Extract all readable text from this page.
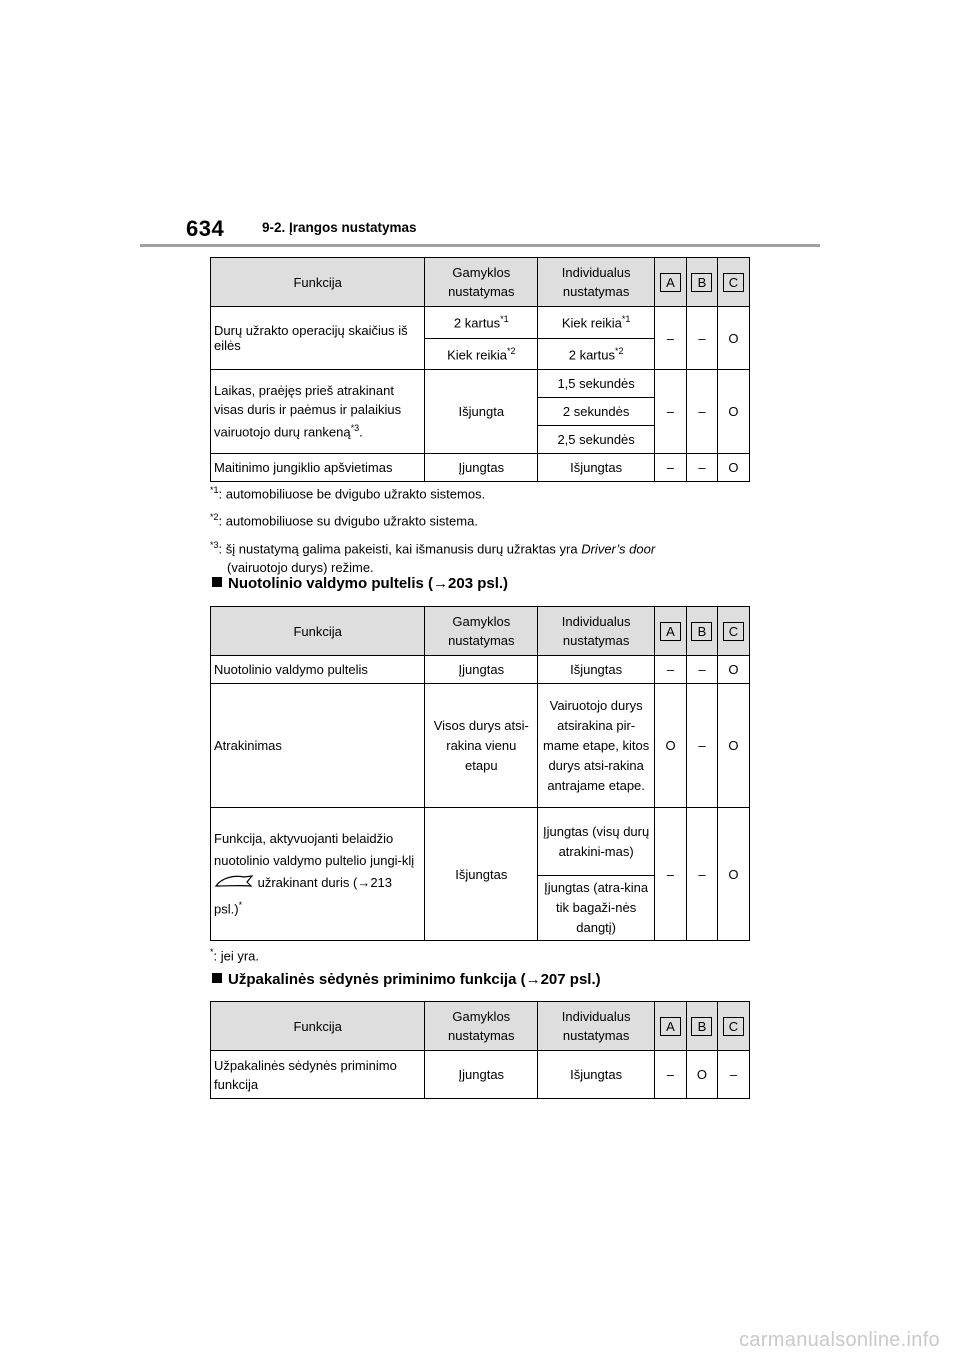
634	9-2. Įrangos nustatymas
Funkcija	Gamyklos nustatymas	Individualus nustatymas	A	B	C
Durų užrakto operacijų skaičius iš eilės	2 kartus$^{*1}$	Kiek reikia$^{*1}$	–	–	O
	Kiek reikia$^{*2}$	2 kartus$^{*2}$
Laikas, praėjęs prieš atrakinant visas duris ir paėmus ir palaikius vairuotojo durų rankeną$^{*3}$.	Išjungta	1,5 sekundės	–	–	O
		2 sekundės			
		2,5 sekundės			
Maitinimo jungiklio apšvietimas	Įjungtas	Išjungtas	–	–	O
$^{*1}$: automobiliuose be dvigubo užrakto sistemos.
$^{*2}$: automobiliuose su dvigubo užrakto sistema.
$^{*3}$: šį nustatymą galima pakeisti, kai išmanusis durų užraktas yra Driver’s door
(vairuotojo durys) režime.
Nuotolinio valdymo pultelis (→203 psl.)
Funkcija	Gamyklos nustatymas	Individualus nustatymas	A	B	C
Nuotolinio valdymo pultelis	Įjungtas	Išjungtas	–	–	O
Atrakinimas	Visos durys atsi-rakina vienu etapu	Vairuotojo durys atsirakina pir-mame etape, kitos durys atsi-rakina antrajame etape.	O	–	O
Funkcija, aktyvuojanti belaidžio nuotolinio valdymo pultelio jungi-klį užrakinant duris (→213 psl.)*	Išjungtas	Įjungtas (visų durų atrakini-mas)	–	–	O
		Įjungtas (atra-kina tik bagaži-nės dangtį)			
*: jei yra.
Užpakalinės sėdynės priminimo funkcija (→207 psl.)
Funkcija	Gamyklos nustatymas	Individualus nustatymas	A	B	C
Užpakalinės sėdynės priminimo funkcija	Įjungtas	Išjungtas	–	O	–
carmanualsonline.info
